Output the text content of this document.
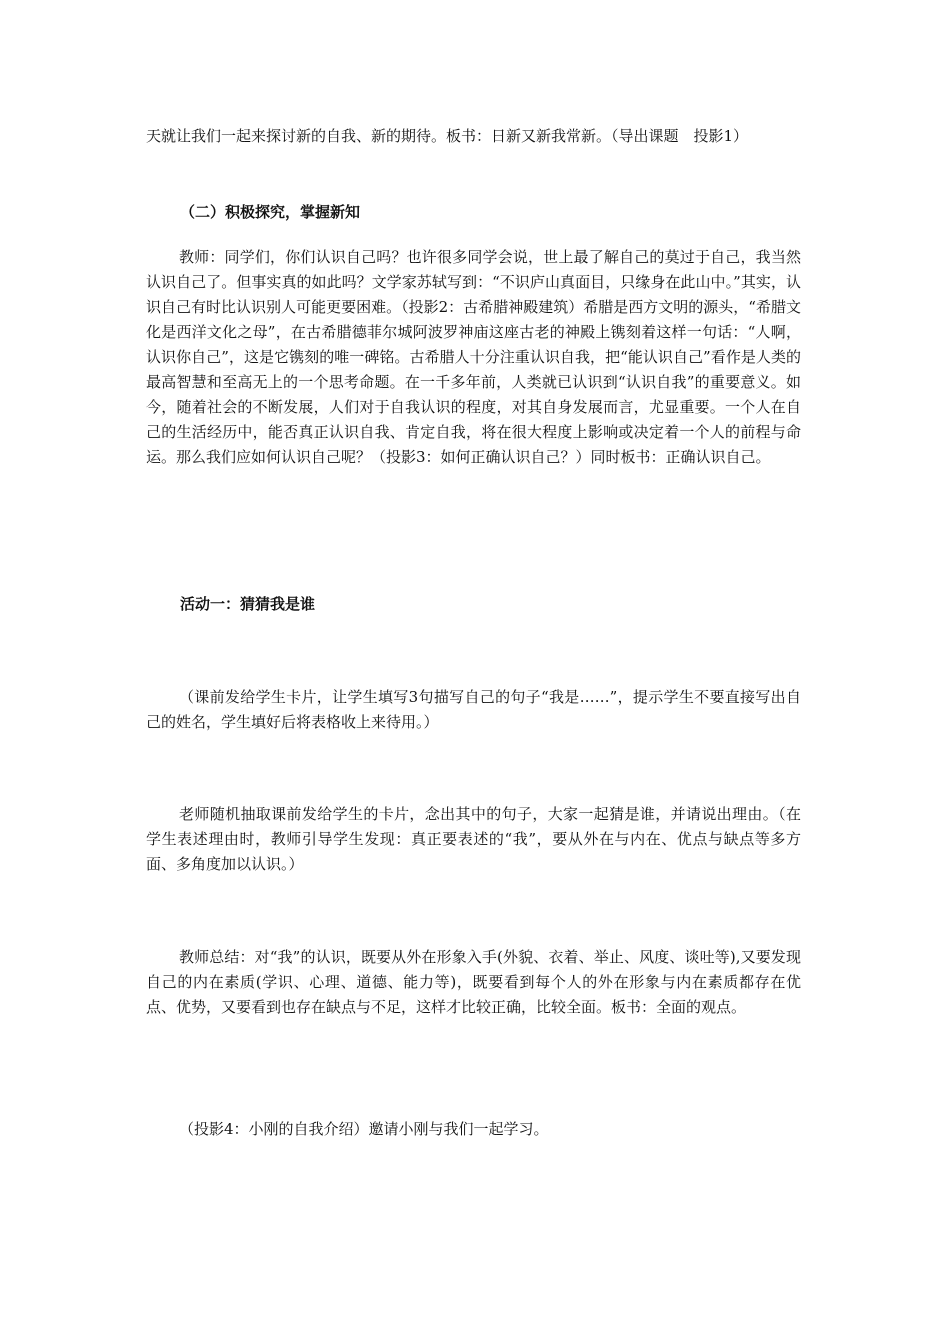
天就让我们一起来探讨新的自我、新的期待。板书：日新又新我常新。（导出课题　投影1）

（二）积极探究，掌握新知

教师：同学们，你们认识自己吗？也许很多同学会说，世上最了解自己的莫过于自己，我当然认识自己了。但事实真的如此吗？文学家苏轼写到：“不识庐山真面目，只缘身在此山中。”其实，认识自己有时比认识别人可能更要困难。（投影2：古希腊神殿建筑）希腊是西方文明的源头，“希腊文化是西洋文化之母”，在古希腊德菲尔城阿波罗神庙这座古老的神殿上镌刻着这样一句话：“人啊，认识你自己”，这是它镌刻的唯一碑铭。古希腊人十分注重认识自我，把“能认识自己”看作是人类的最高智慧和至高无上的一个思考命题。在一千多年前，人类就已认识到“认识自我”的重要意义。如今，随着社会的不断发展，人们对于自我认识的程度，对其自身发展而言，尤显重要。一个人在自己的生活经历中，能否真正认识自我、肯定自我，将在很大程度上影响或决定着一个人的前程与命运。那么我们应如何认识自己呢？（投影3：如何正确认识自己？）同时板书：正确认识自己。

活动一：猜猜我是谁

（课前发给学生卡片，让学生填写3句描写自己的句子“我是……”，提示学生不要直接写出自己的姓名，学生填好后将表格收上来待用。）

老师随机抽取课前发给学生的卡片，念出其中的句子，大家一起猜是谁，并请说出理由。（在学生表述理由时，教师引导学生发现：真正要表述的“我”，要从外在与内在、优点与缺点等多方面、多角度加以认识。）

教师总结：对“我”的认识，既要从外在形象入手(外貌、衣着、举止、风度、谈吐等),又要发现自己的内在素质(学识、心理、道德、能力等)，既要看到每个人的外在形象与内在素质都存在优点、优势，又要看到也存在缺点与不足，这样才比较正确，比较全面。板书：全面的观点。

（投影4：小刚的自我介绍）邀请小刚与我们一起学习。
